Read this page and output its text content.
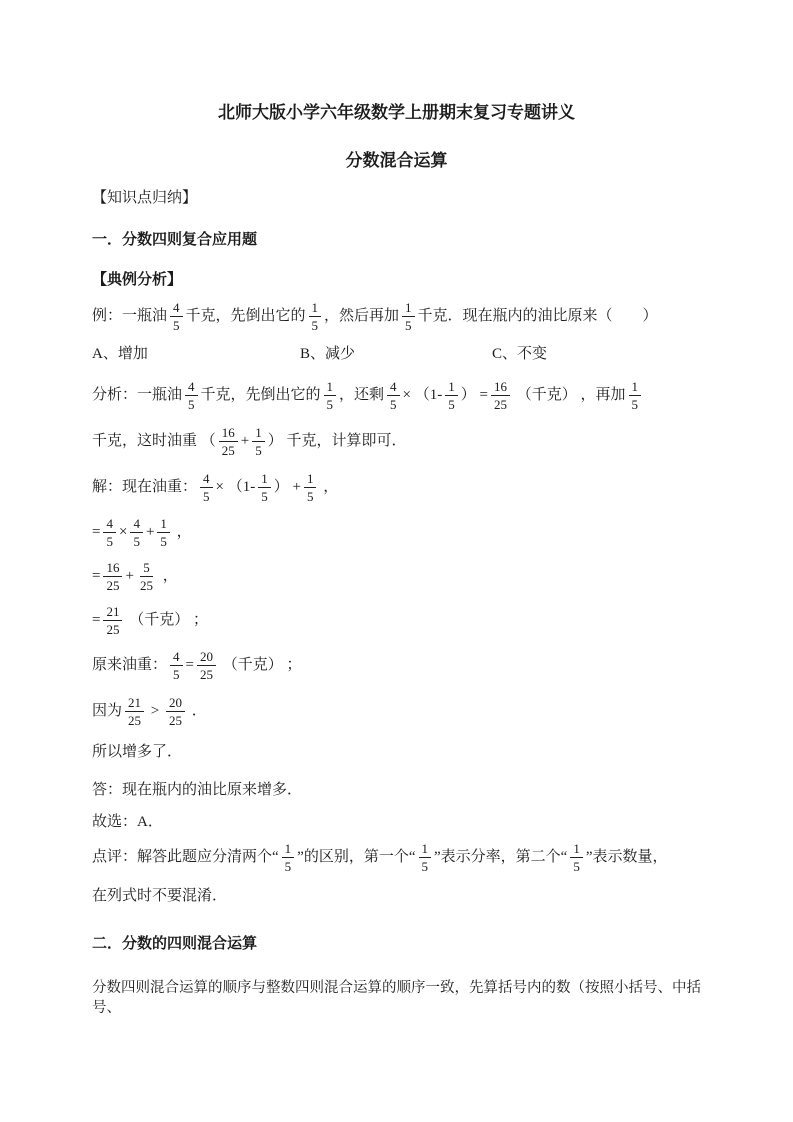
北师大版小学六年级数学上册期末复习专题讲义
分数混合运算
【知识点归纳】
一．分数四则复合应用题
【典例分析】
例：一瓶油 $\frac{4}{5}$ 千克，先倒出它的 $\frac{1}{5}$ ，然后再加 $\frac{1}{5}$ 千克．现在瓶内的油比原来（　　）
A、增加	B、减少	C、不变
分析：一瓶油 $\frac{4}{5}$ 千克，先倒出它的 $\frac{1}{5}$ ，还剩 $\frac{4}{5} \times (1- \frac{1}{5}$ ） = $\frac{16}{25}$ （千克） ，再加 $\frac{1}{5}$
千克，这时油重 （ $\frac{16}{25} + \frac{1}{5}$ ） 千克，计算即可．
解：现在油重： $\frac{4}{5} \times (1- \frac{1}{5}$ ） + $\frac{1}{5}$ ，
= $\frac{4}{5} \times \frac{4}{5} + \frac{1}{5}$ ，
= $\frac{16}{25} + \frac{5}{25}$ ，
= $\frac{21}{25}$ （千克） ；
原来油重： $\frac{4}{5} = \frac{20}{25}$ （千克） ；
因为 $\frac{21}{25} > \frac{20}{25}$ ．
所以增多了．
答：现在瓶内的油比原来增多．
故选：A．
点评：解答此题应分清两个“ $\frac{1}{5}$ ”的区别，第一个“ $\frac{1}{5}$ ”表示分率，第二个“ $\frac{1}{5}$ ”表示数量，
在列式时不要混淆．
二．分数的四则混合运算
分数四则混合运算的顺序与整数四则混合运算的顺序一致，先算括号内的数（按照小括号、中括号、
